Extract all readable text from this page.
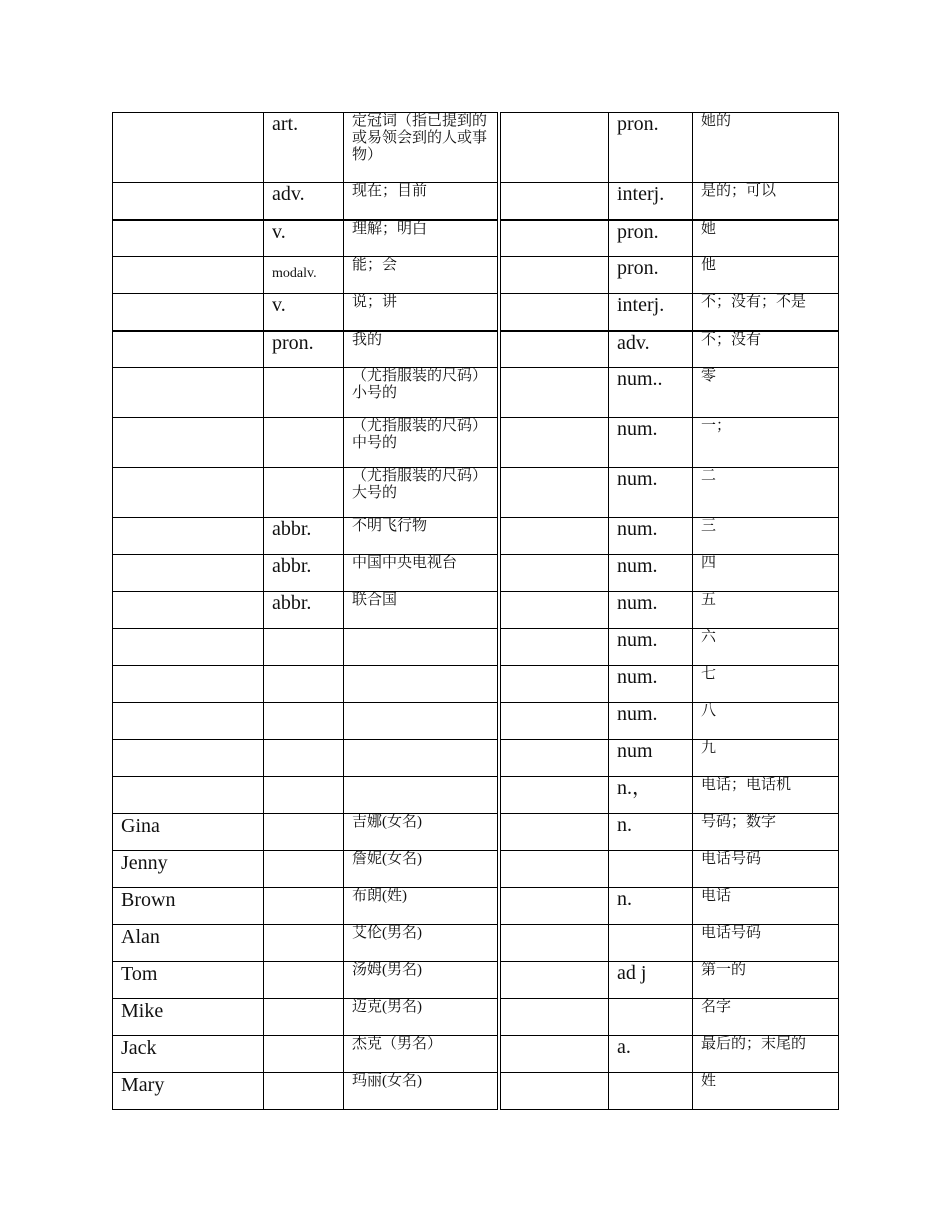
	art.	定冠词（指已提到的或易领会到的人或事物）		pron.	她的
	adv.	现在；目前		interj.	是的；可以
	v.	理解；明白		pron.	她
	modalv.	能；会		pron.	他
	v.	说；讲		interj.	不；没有；不是
	pron.	我的		adv.	不；没有
		（尤指服装的尺码）小号的		num..	零
		（尤指服装的尺码）中号的		num.	一；
		（尤指服装的尺码）大号的		num.	二
	abbr.	不明飞行物		num.	三
	abbr.	中国中央电视台		num.	四
	abbr.	联合国		num.	五
				num.	六
				num.	七
				num.	八
				num	九
				n.，	电话；电话机
Gina		吉娜(女名)		n.	号码；数字
Jenny		詹妮(女名)			电话号码
Brown		布朗(姓)		n.	电话
Alan		艾伦(男名)			电话号码
Tom		汤姆(男名)		ad j	第一的
Mike		迈克(男名)			名字
Jack		杰克（男名）		a.	最后的；末尾的
Mary		玛丽(女名)			姓
